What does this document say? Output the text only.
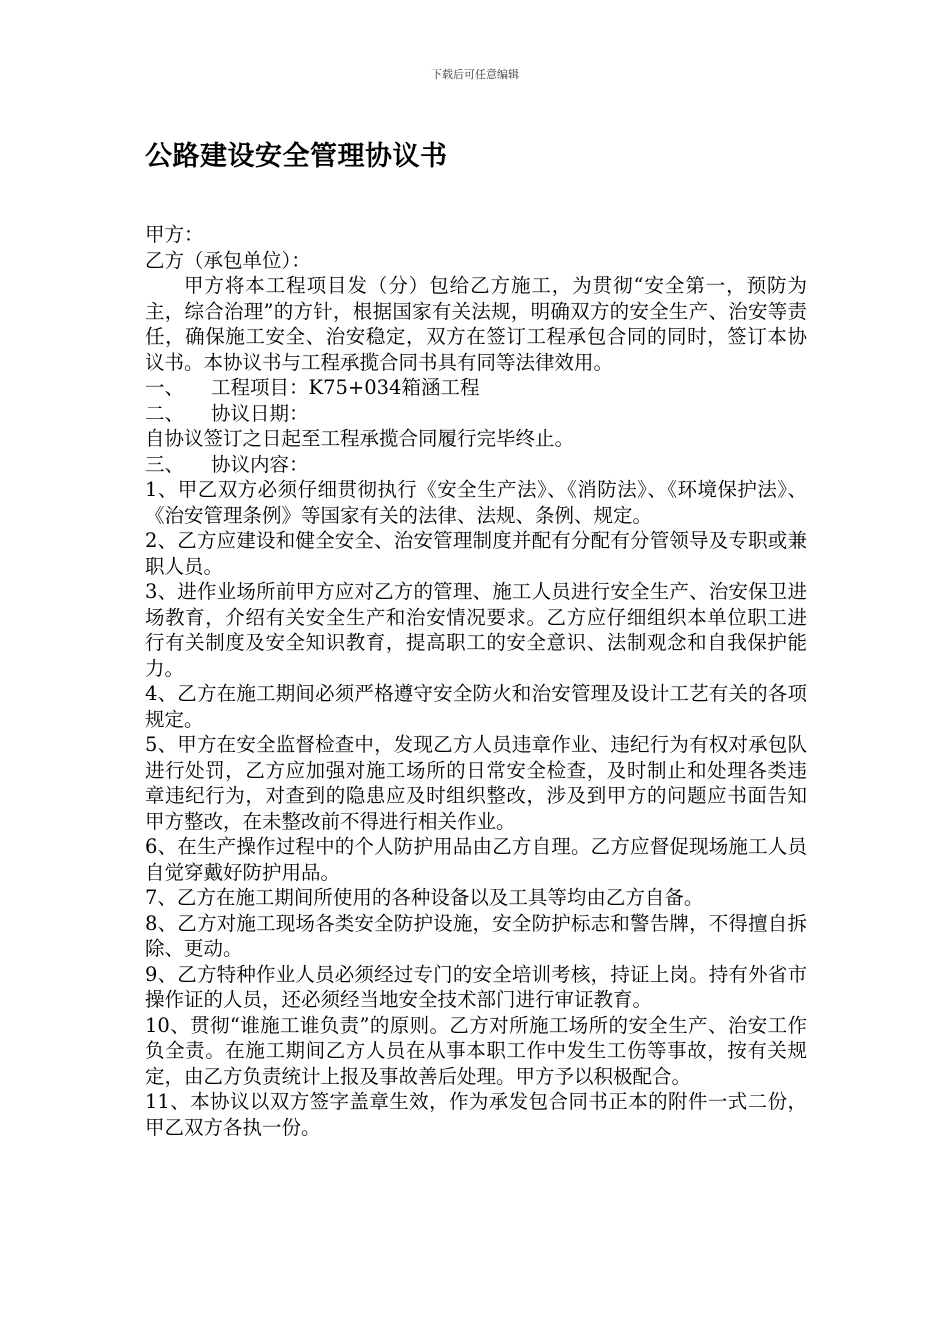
下载后可任意编辑
公路建设安全管理协议书

甲方：

乙方（承包单位）：

甲方将本工程项目发（分）包给乙方施工，为贯彻“安全第一，预防为主，综合治理”的方针，根据国家有关法规，明确双方的安全生产、治安等责任，确保施工安全、治安稳定，双方在签订工程承包合同的同时，签订本协议书。本协议书与工程承揽合同书具有同等法律效用。

一、 工程项目：K75+034箱涵工程

二、 协议日期：

自协议签订之日起至工程承揽合同履行完毕终止。

三、 协议内容：

1、甲乙双方必须仔细贯彻执行《安全生产法》、《消防法》、《环境保护法》、《治安管理条例》等国家有关的法律、法规、条例、规定。

2、乙方应建设和健全安全、治安管理制度并配有分配有分管领导及专职或兼职人员。

3、进作业场所前甲方应对乙方的管理、施工人员进行安全生产、治安保卫进场教育，介绍有关安全生产和治安情况要求。乙方应仔细组织本单位职工进行有关制度及安全知识教育，提高职工的安全意识、法制观念和自我保护能力。

4、乙方在施工期间必须严格遵守安全防火和治安管理及设计工艺有关的各项规定。

5、甲方在安全监督检查中，发现乙方人员违章作业、违纪行为有权对承包队进行处罚，乙方应加强对施工场所的日常安全检查，及时制止和处理各类违章违纪行为，对查到的隐患应及时组织整改，涉及到甲方的问题应书面告知甲方整改，在未整改前不得进行相关作业。

6、在生产操作过程中的个人防护用品由乙方自理。乙方应督促现场施工人员自觉穿戴好防护用品。

7、乙方在施工期间所使用的各种设备以及工具等均由乙方自备。

8、乙方对施工现场各类安全防护设施，安全防护标志和警告牌，不得擅自拆除、更动。

9、乙方特种作业人员必须经过专门的安全培训考核，持证上岗。持有外省市操作证的人员，还必须经当地安全技术部门进行审证教育。

10、贯彻“谁施工谁负责”的原则。乙方对所施工场所的安全生产、治安工作负全责。在施工期间乙方人员在从事本职工作中发生工伤等事故，按有关规定，由乙方负责统计上报及事故善后处理。甲方予以积极配合。

11、本协议以双方签字盖章生效，作为承发包合同书正本的附件一式二份，甲乙双方各执一份。
